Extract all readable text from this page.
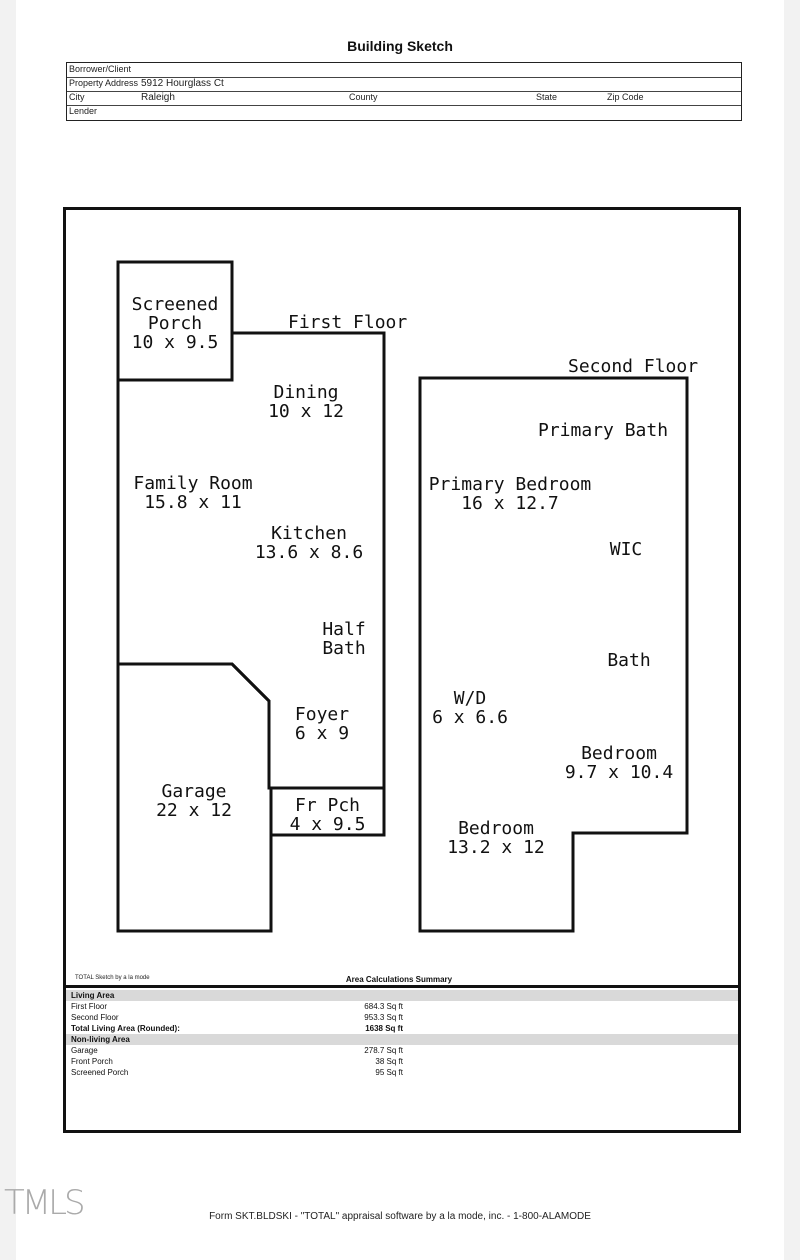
Building Sketch
Borrower/Client
Property Address 5912 Hourglass Ct
City	Raleigh	County	State	Zip Code
Lender
First Floor
Second Floor
Screened
Porch
10 x 9.5
Dining
10 x 12
Family Room
15.8 x 11
Kitchen
13.6 x 8.6
Half
Bath
Foyer
6 x 9
Garage
22 x 12	Fr Pch
4 x 9.5
Primary Bath
Primary Bedroom
16 x 12.7
WIC
Bath
W/D
6 x 6.6
Bedroom
9.7 x 10.4
Bedroom
13.2 x 12
TOTAL Sketch by a la mode	Area Calculations Summary
Living Area
First Floor	684.3 Sq ft
Second Floor	953.3 Sq ft
Total Living Area (Rounded):	1638 Sq ft
Non-living Area
Garage	278.7 Sq ft
Front Porch	38 Sq ft
Screened Porch	95 Sq ft
TMLS	Form SKT.BLDSKI - "TOTAL" appraisal software by a la mode, inc. - 1-800-ALAMODE
